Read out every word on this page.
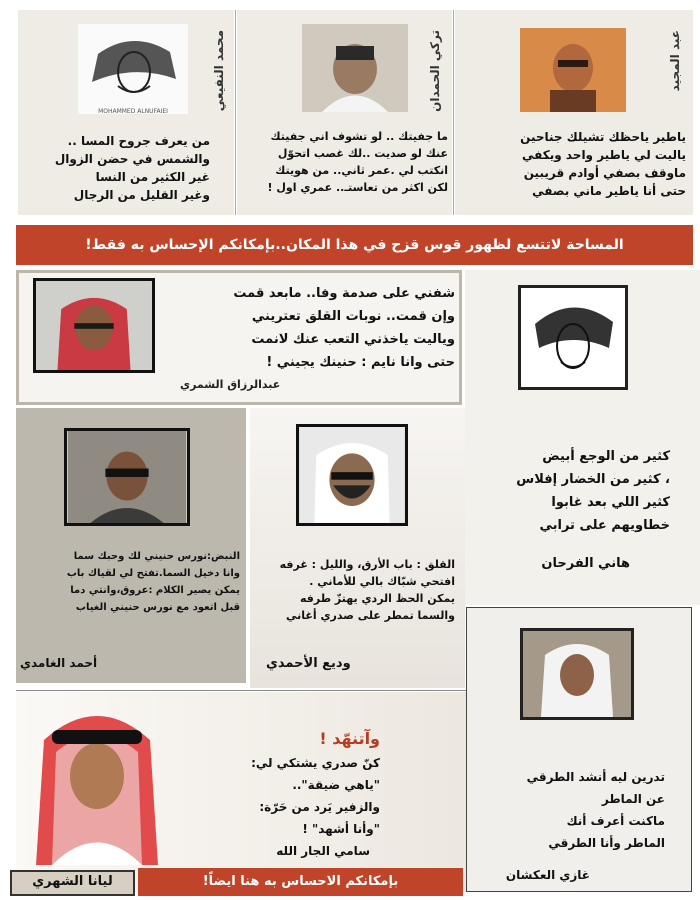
عبد المجيد
ياطير ياحظك تشيلك جناحين
ياليت لي ياطير واحد ويكفي
ماوقف بصفي أوادم قريبين
حتى أنا ياطير ماني بصفي
تركي الحمدان
ما جفيتك .. لو تشوف اني جفيتك
عنك لو صديت ..لك غصب اتحوّل
انكتب لي .عمر ثاني.. من هويتك
لكن اكثر من تعاستـ.. عمري اول !
محمد النفيعي
MOHAMMED ALNUFAIEI
من يعرف جروح المسا ..
والشمس في حضن الزوال
غير الكثير من النسا
وغير القليل من الرجال
المساحة لاتتسع لظهور قوس قزح في هذا المكان..بإمكانكم الإحساس به فقط!
شفني على صدمة وفا.. مابعد قمت
وإن قمت.. نوبات القلق تعتريني
وياليت ياخذني التعب عنك لانمت
حتى وانا نايم : حنينك يجيني !
عبدالرزاق الشمري
كثير من الوجع أبيض
، كثير من الخضار إفلاس
كثير اللي بعد غابوا
خطاويهم على ترابي
هاني الفرحان
النبض:نورس حنيني لك وحبك سما
وانا دخيل السما.تفتح لي لقياك باب
يمكن يصير الكلام :عروق،وانتي دما
قبل اتعود مع نورس حنيني الغياب
أحمد الغامدي
القلق : باب الأرق، والليل : غرفه
افتحي شبّاك بالي للأماني .
يمكن الحظ الردي يهتزّ طرفه
والسما تمطر على صدري أغاني
وديع الأحمدي
تدرين ليه أنشد الطرقي
عن الماطر
ماكنت أعرف أنك
الماطر وأنا الطرقي
غازي العكشان
وآتنهّد !
كنّ صدري يشتكي لي:
"ياهي ضيقة"..
والزفير يَرد من حَرّة:
"وأنا أشهد" !
سامي الجار الله
ليانا الشهري	بإمكانكم الاحساس به هنا ايضاً!
